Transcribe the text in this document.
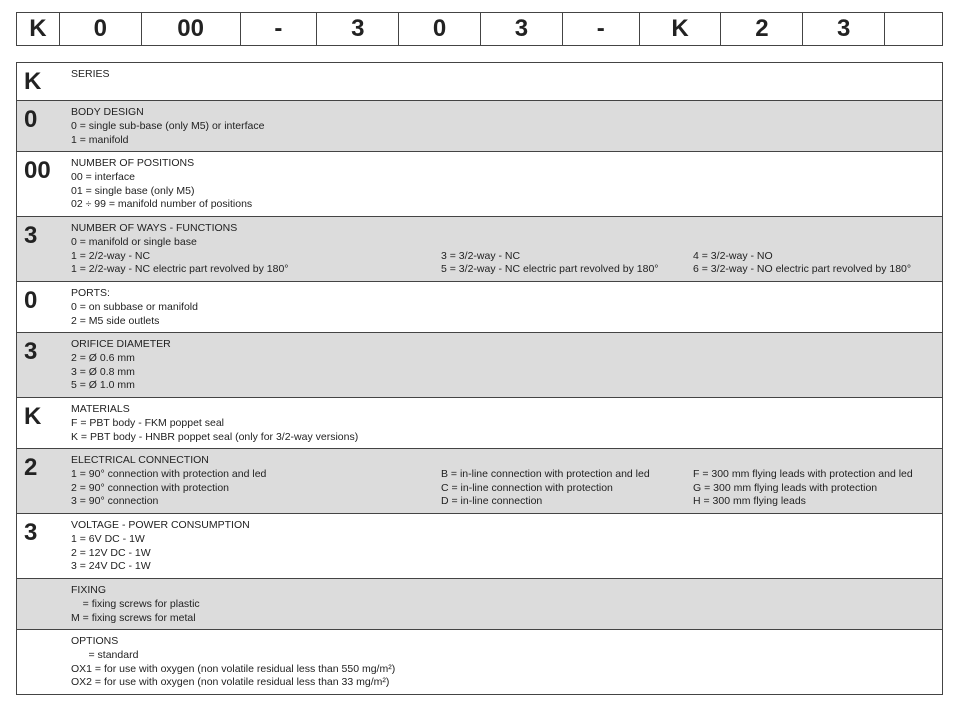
K	0	00	-	3	0	3	-	K	2	3
K	SERIES
0	BODY DESIGN
0 = single sub-base (only M5) or interface
1 = manifold
00 NUMBER OF POSITIONS
00 = interface
01 = single base (only M5)
02 ÷ 99 = manifold number of positions
3	NUMBER OF WAYS - FUNCTIONS
0 = manifold or single base
1 = 2/2-way - NC	3 = 3/2-way - NC	4 = 3/2-way - NO
1 = 2/2-way - NC electric part revolved by 180°	5 = 3/2-way - NC electric part revolved by 180°	6 = 3/2-way - NO electric part revolved by 180°
0	PORTS:
0 = on subbase or manifold
2 = M5 side outlets
3	ORIFICE DIAMETER
2 = Ø 0.6 mm
3 = Ø 0.8 mm
5 = Ø 1.0 mm
K	MATERIALS
F = PBT body - FKM poppet seal
K = PBT body - HNBR poppet seal (only for 3/2-way versions)
2	ELECTRICAL CONNECTION
1 = 90° connection with protection and led	B = in-line connection with protection and led	F = 300 mm flying leads with protection and led
2 = 90° connection with protection	C = in-line connection with protection	G = 300 mm flying leads with protection
3 = 90° connection	D = in-line connection	H = 300 mm flying leads
3	VOLTAGE - POWER CONSUMPTION
1 = 6V DC - 1W
2 = 12V DC - 1W
3 = 24V DC - 1W
FIXING
= fixing screws for plastic
M = fixing screws for metal
OPTIONS
= standard
OX1 = for use with oxygen (non volatile residual less than 550 mg/m²)
OX2 = for use with oxygen (non volatile residual less than 33 mg/m²)
